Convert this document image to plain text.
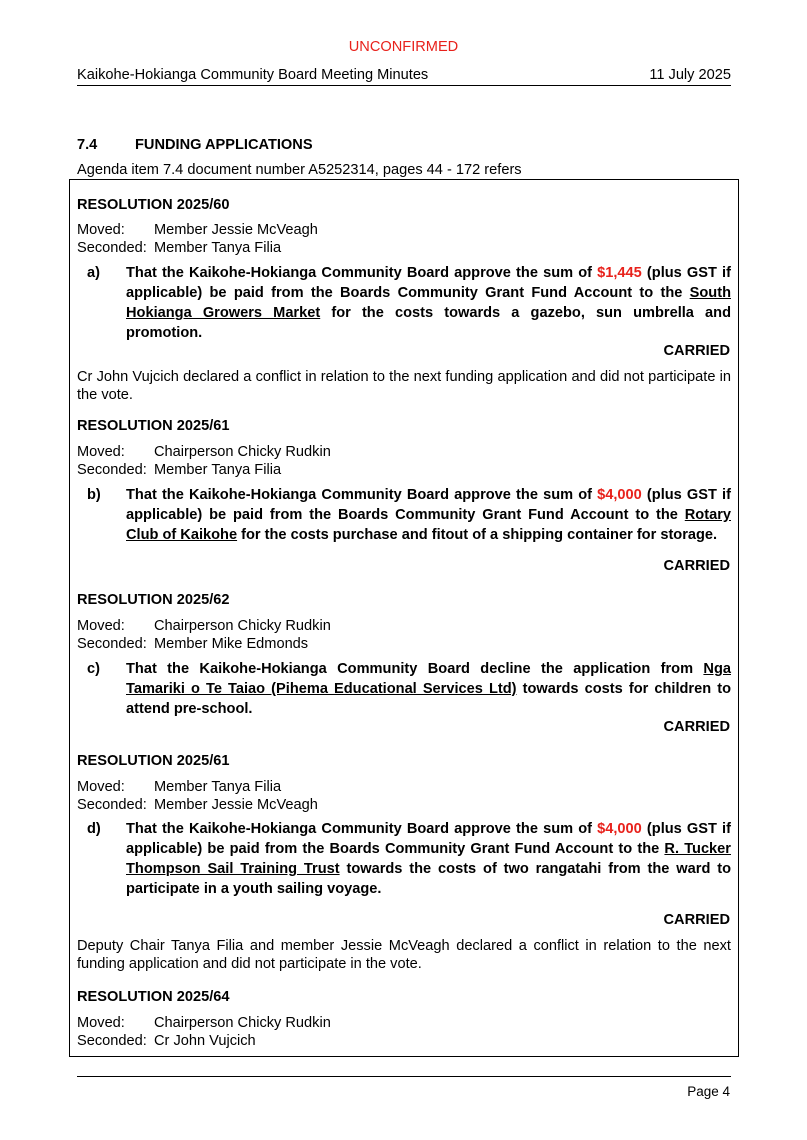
UNCONFIRMED
Kaikohe-Hokianga Community Board Meeting Minutes	11 July 2025
7.4	FUNDING APPLICATIONS
Agenda item 7.4 document number A5252314, pages 44 - 172 refers
RESOLUTION 2025/60
Moved:	Member Jessie McVeagh
Seconded: Member Tanya Filia
a)	That the Kaikohe-Hokianga Community Board approve the sum of $1,445 (plus GST if applicable) be paid from the Boards Community Grant Fund Account to the South Hokianga Growers Market for the costs towards a gazebo, sun umbrella and promotion.
CARRIED
Cr John Vujcich declared a conflict in relation to the next funding application and did not participate in the vote.
RESOLUTION 2025/61
Moved:	Chairperson Chicky Rudkin
Seconded: Member Tanya Filia
b)	That the Kaikohe-Hokianga Community Board approve the sum of $4,000 (plus GST if applicable) be paid from the Boards Community Grant Fund Account to the Rotary Club of Kaikohe for the costs purchase and fitout of a shipping container for storage.
CARRIED
RESOLUTION 2025/62
Moved:	Chairperson Chicky Rudkin
Seconded: Member Mike Edmonds
c)	That the Kaikohe-Hokianga Community Board decline the application from Nga Tamariki o Te Taiao (Pihema Educational Services Ltd) towards costs for children to attend pre-school.
CARRIED
RESOLUTION 2025/61
Moved:	Member Tanya Filia
Seconded: Member Jessie McVeagh
d)	That the Kaikohe-Hokianga Community Board approve the sum of $4,000 (plus GST if applicable) be paid from the Boards Community Grant Fund Account to the R. Tucker Thompson Sail Training Trust towards the costs of two rangatahi from the ward to participate in a youth sailing voyage.
CARRIED
Deputy Chair Tanya Filia and member Jessie McVeagh declared a conflict in relation to the next funding application and did not participate in the vote.
RESOLUTION 2025/64
Moved:	Chairperson Chicky Rudkin
Seconded: Cr John Vujcich
Page 4
